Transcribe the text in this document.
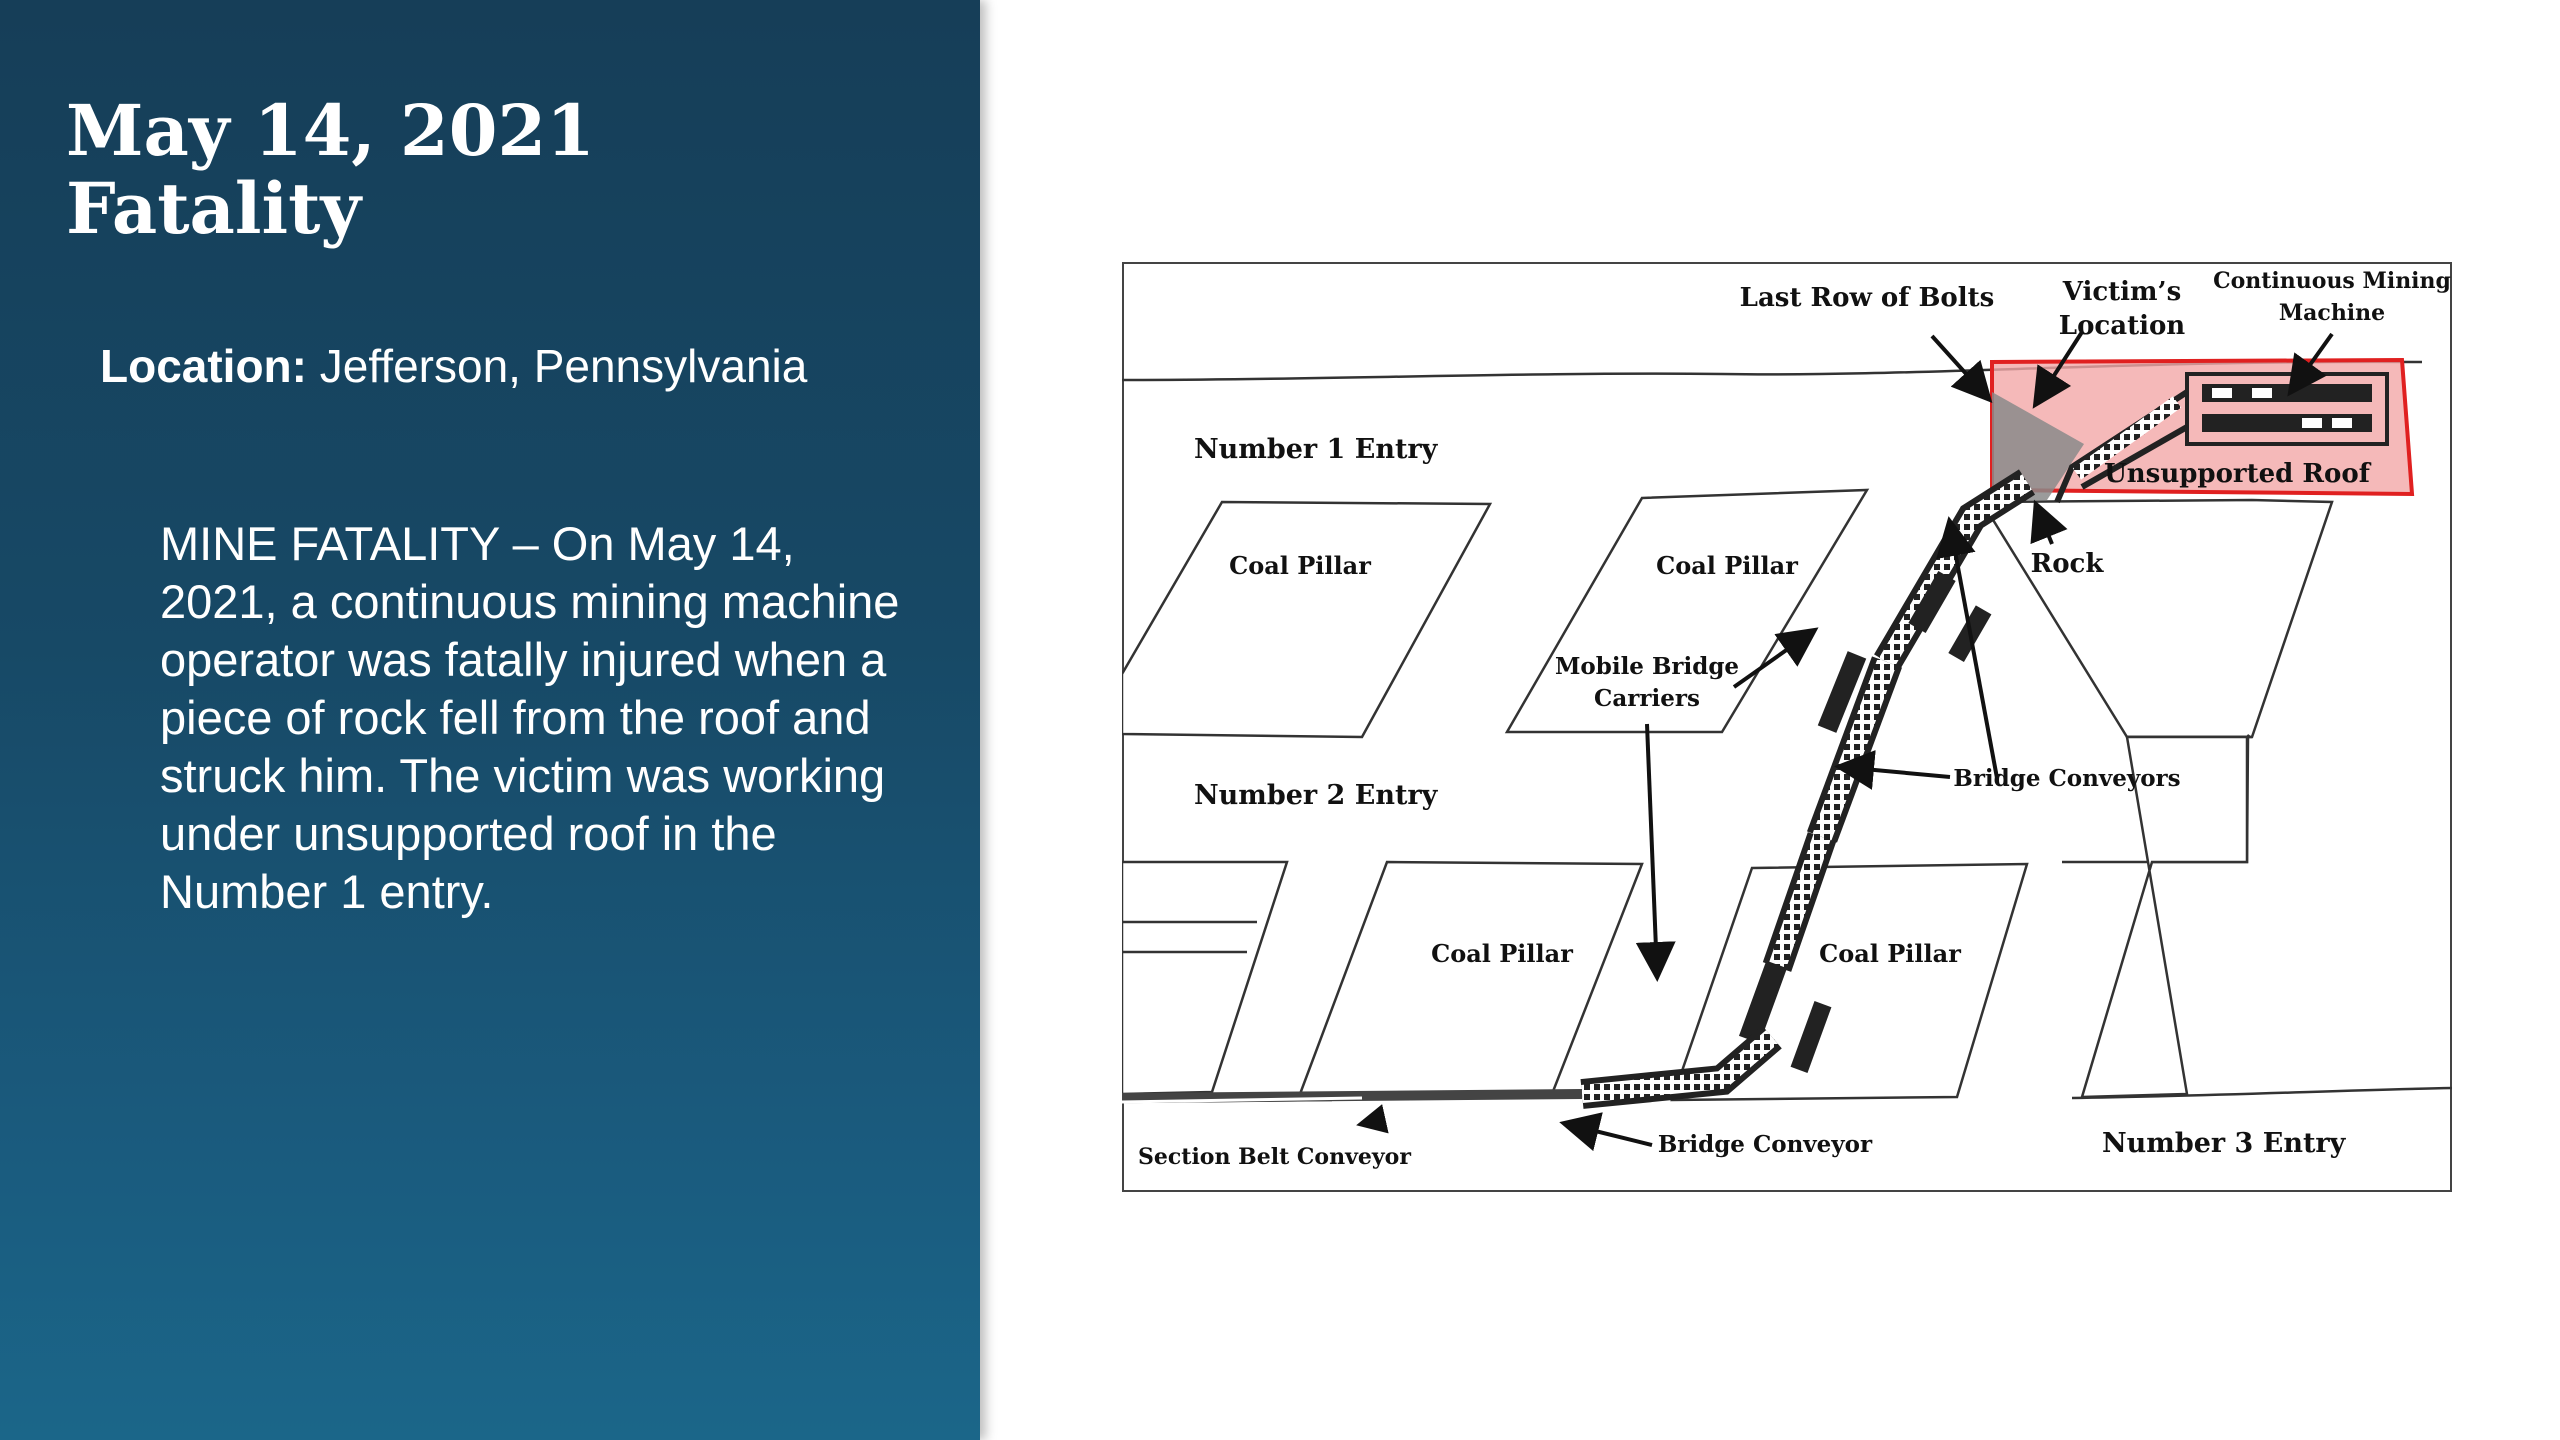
May 14, 2021
Fatality
Location: Jefferson, Pennsylvania
MINE FATALITY – On May 14, 2021, a continuous mining machine operator was fatally injured when a piece of rock fell from the roof and struck him. The victim was working under unsupported roof in the Number 1 entry.
Last Row of Bolts	Victim’s
Location
Continuous Mining
Machine
Number 1 Entry
Number 2 Entry
Number 3 Entry
Coal Pillar	Coal Pillar
Coal Pillar	Coal Pillar
Unsupported Roof
Rock
Mobile Bridge
Carriers
Bridge Conveyors
Bridge Conveyor
Section Belt Conveyor
